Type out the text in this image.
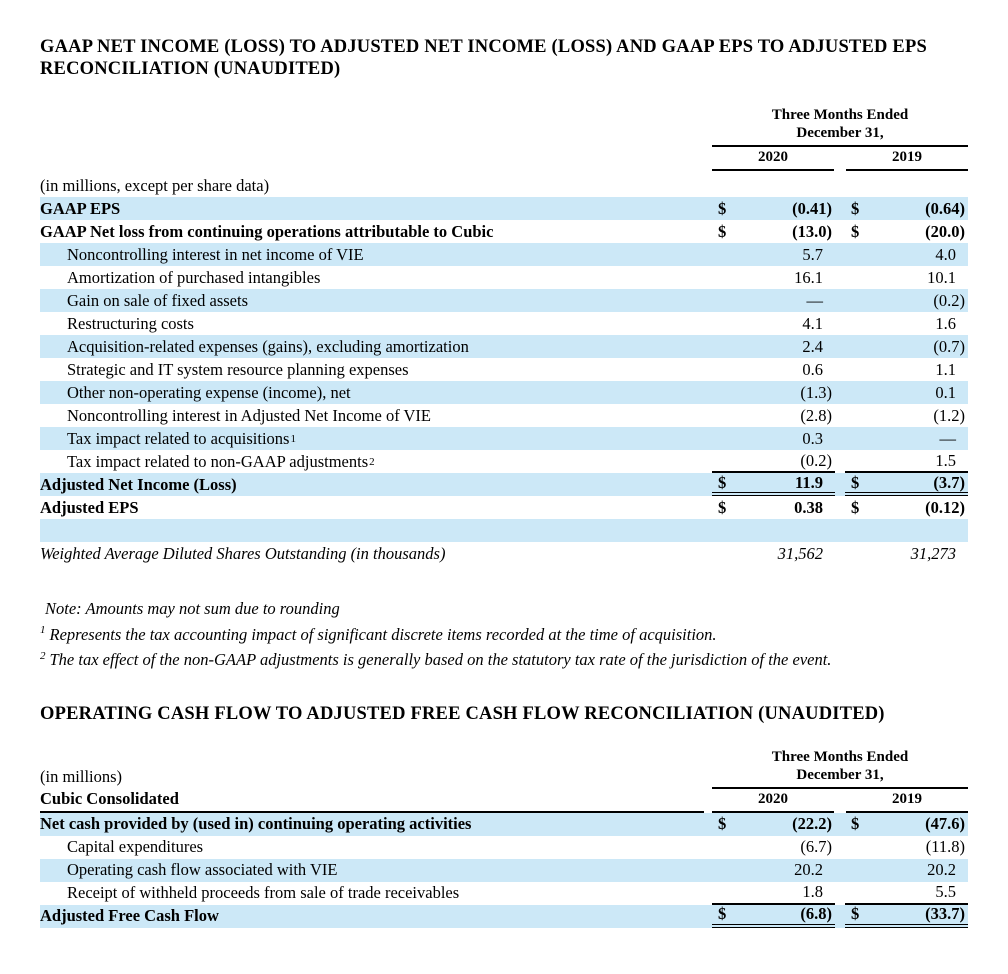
GAAP NET INCOME (LOSS) TO ADJUSTED NET INCOME (LOSS) AND GAAP EPS TO ADJUSTED EPS RECONCILIATION (UNAUDITED)
Three Months Ended
December 31,
2020	2019
(in millions, except per share data)
GAAP EPS	$	(0.41) $	(0.64)
GAAP Net loss from continuing operations attributable to Cubic	$	(13.0) $	(20.0)
Noncontrolling interest in net income of VIE	5.7	4.0
Amortization of purchased intangibles	16.1	10.1
Gain on sale of fixed assets	—	(0.2)
Restructuring costs	4.1	1.6
Acquisition-related expenses (gains), excluding amortization	2.4	(0.7)
Strategic and IT system resource planning expenses	0.6	1.1
Other non-operating expense (income), net	(1.3)	0.1
Noncontrolling interest in Adjusted Net Income of VIE	(2.8)	(1.2)
Tax impact related to acquisitions 1	0.3	—
Tax impact related to non-GAAP adjustments 2	(0.2)	1.5
Adjusted Net Income (Loss)	$	11.9	$	(3.7)
Adjusted EPS	$	0.38	$	(0.12)
Weighted Average Diluted Shares Outstanding (in thousands)	31,562	31,273
Note: Amounts may not sum due to rounding
$^1$ Represents the tax accounting impact of significant discrete items recorded at the time of acquisition.
$^2$ The tax effect of the non-GAAP adjustments is generally based on the statutory tax rate of the jurisdiction of the event.
OPERATING CASH FLOW TO ADJUSTED FREE CASH FLOW RECONCILIATION (UNAUDITED)
(in millions)
Cubic Consolidated
Three Months Ended
December 31,
2020	2019
Net cash provided by (used in) continuing operating activities	$	(22.2) $	(47.6)
Capital expenditures	(6.7)	(11.8)
Operating cash flow associated with VIE	20.2	20.2
Receipt of withheld proceeds from sale of trade receivables	1.8	5.5
Adjusted Free Cash Flow	$	(6.8) $	(33.7)
